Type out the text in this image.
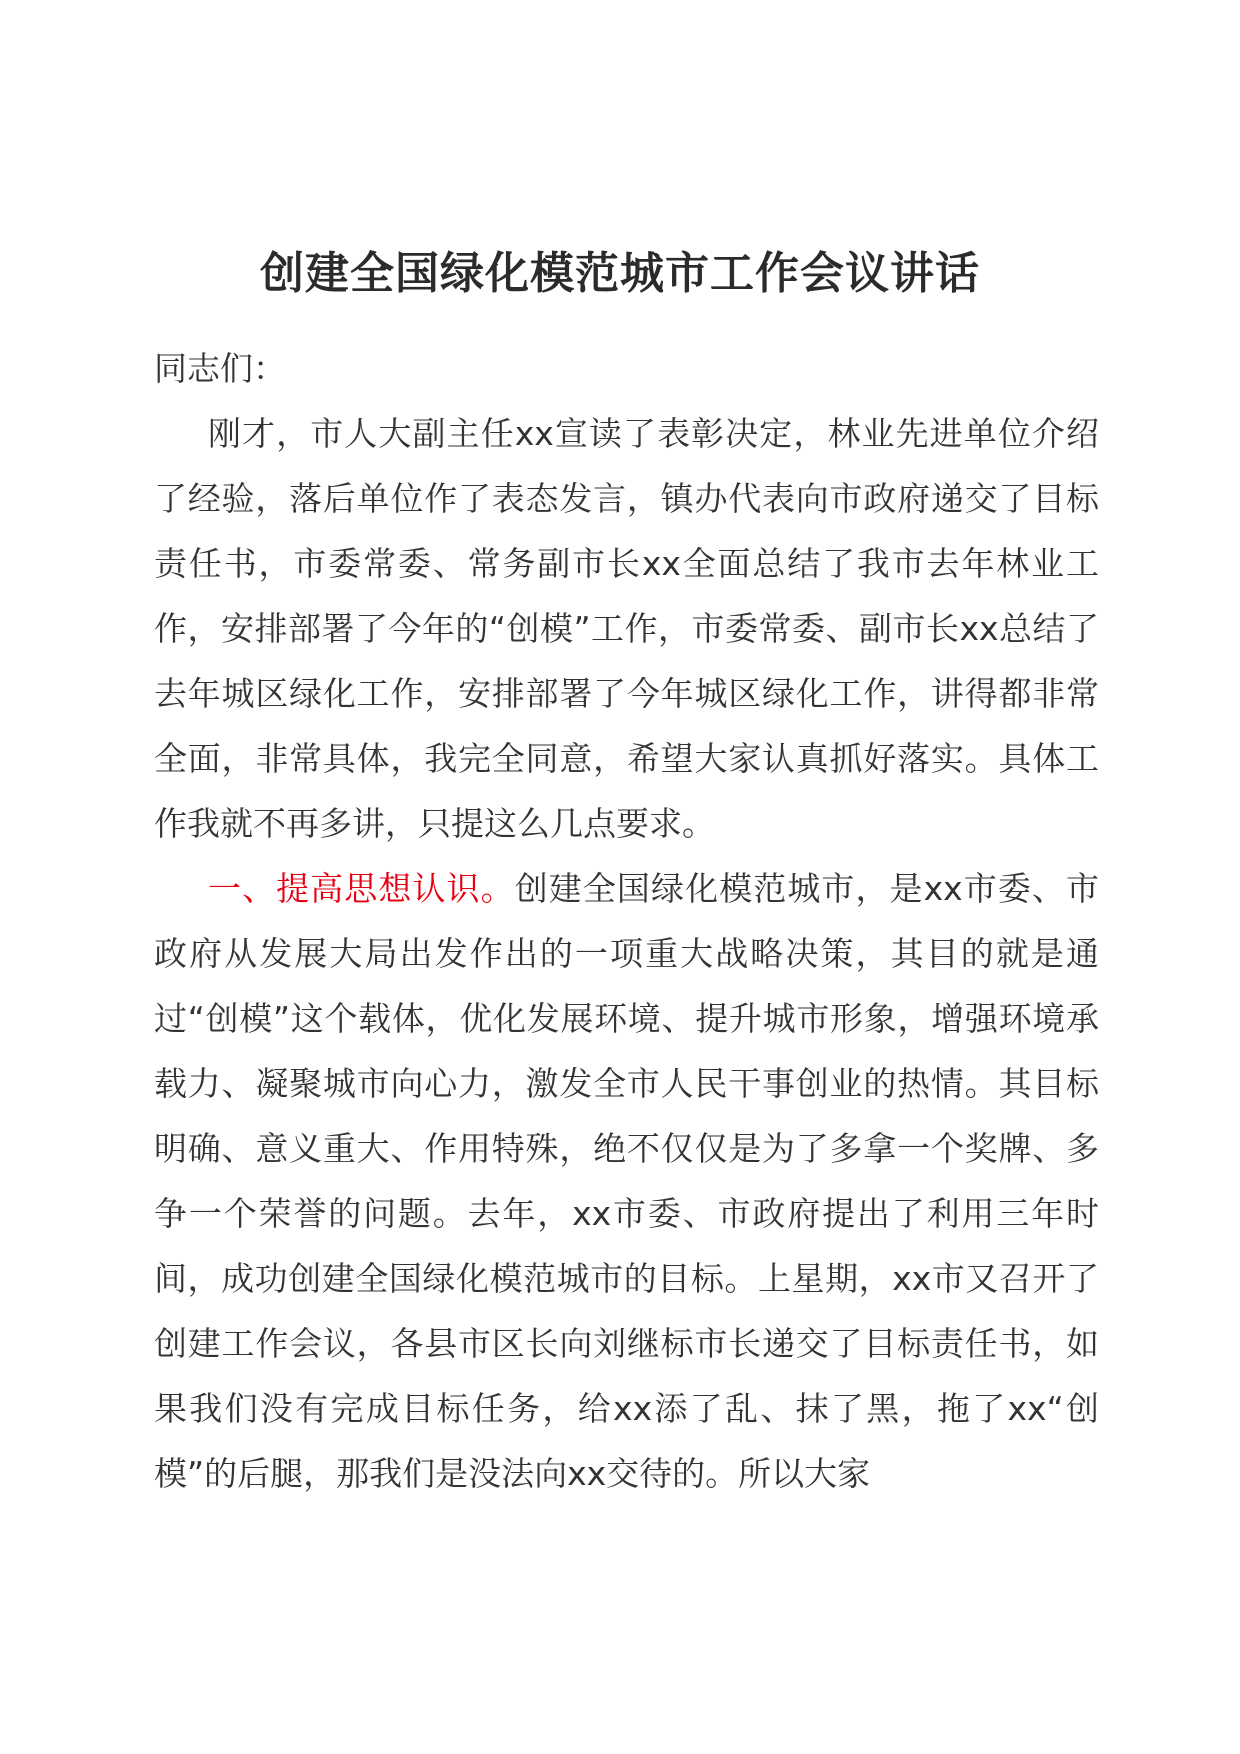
创建全国绿化模范城市工作会议讲话

同志们：

刚才，市人大副主任xx宣读了表彰决定，林业先进单位介绍了经验，落后单位作了表态发言，镇办代表向市政府递交了目标责任书，市委常委、常务副市长xx全面总结了我市去年林业工作，安排部署了今年的“创模”工作，市委常委、副市长xx总结了去年城区绿化工作，安排部署了今年城区绿化工作，讲得都非常全面，非常具体，我完全同意，希望大家认真抓好落实。具体工作我就不再多讲，只提这么几点要求。

一、提高思想认识。创建全国绿化模范城市，是xx市委、市政府从发展大局出发作出的一项重大战略决策，其目的就是通过“创模”这个载体，优化发展环境、提升城市形象，增强环境承载力、凝聚城市向心力，激发全市人民干事创业的热情。其目标明确、意义重大、作用特殊，绝不仅仅是为了多拿一个奖牌、多争一个荣誉的问题。去年，xx市委、市政府提出了利用三年时间，成功创建全国绿化模范城市的目标。上星期，xx市又召开了创建工作会议，各县市区长向刘继标市长递交了目标责任书，如果我们没有完成目标任务，给xx添了乱、抹了黑，拖了xx“创模”的后腿，那我们是没法向xx交待的。所以大家
